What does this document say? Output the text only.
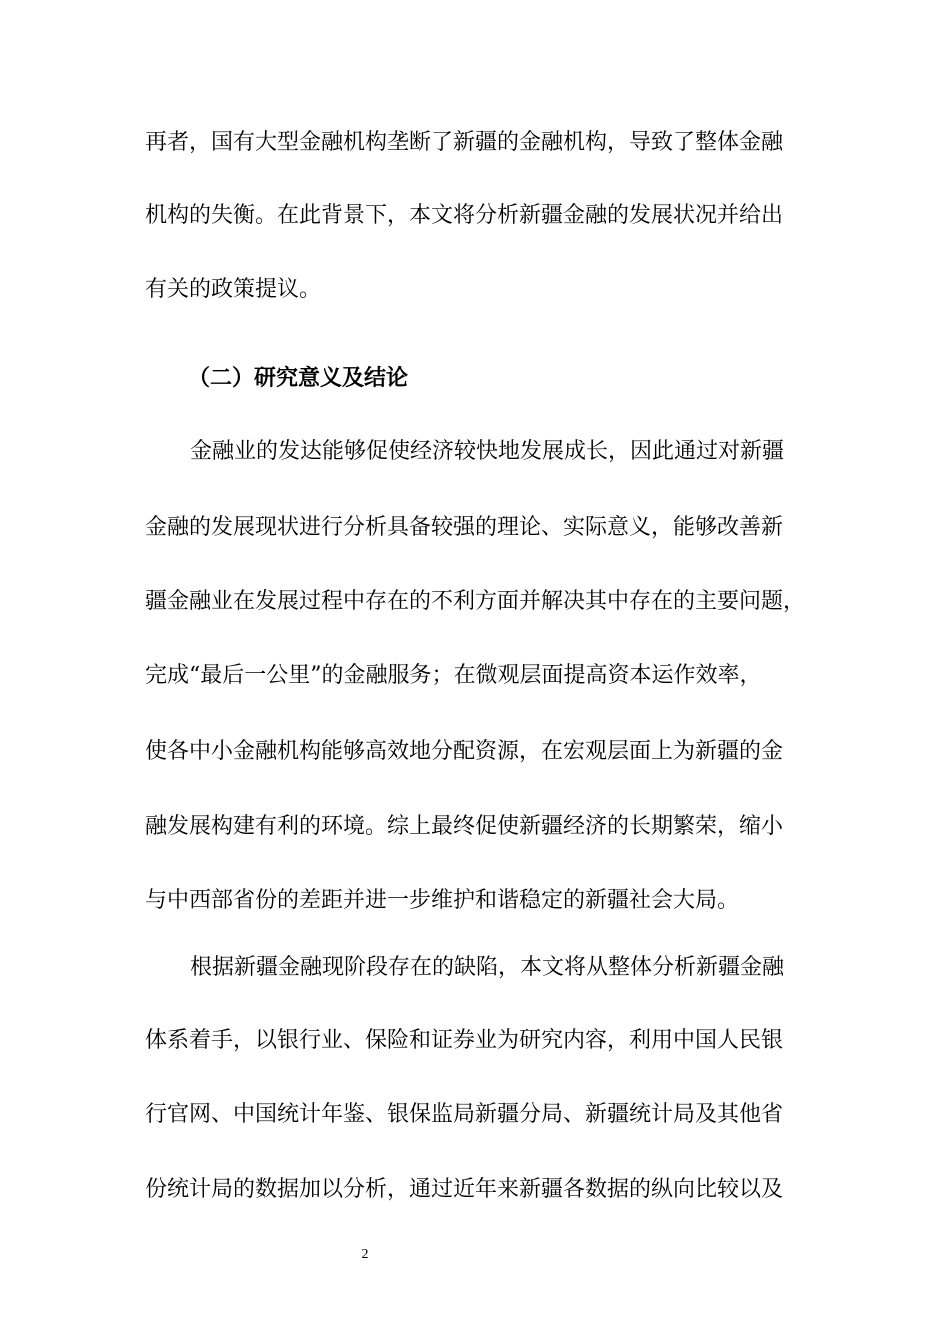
再者，国有大型金融机构垄断了新疆的金融机构，导致了整体金融
机构的失衡。在此背景下，本文将分析新疆金融的发展状况并给出
有关的政策提议。
（二）研究意义及结论
金融业的发达能够促使经济较快地发展成长，因此通过对新疆
金融的发展现状进行分析具备较强的理论、实际意义，能够改善新
疆金融业在发展过程中存在的不利方面并解决其中存在的主要问题，
完成“最后一公里”的金融服务；在微观层面提高资本运作效率，
使各中小金融机构能够高效地分配资源，在宏观层面上为新疆的金
融发展构建有利的环境。综上最终促使新疆经济的长期繁荣，缩小
与中西部省份的差距并进一步维护和谐稳定的新疆社会大局。
根据新疆金融现阶段存在的缺陷，本文将从整体分析新疆金融
体系着手，以银行业、保险和证券业为研究内容，利用中国人民银
行官网、中国统计年鉴、银保监局新疆分局、新疆统计局及其他省
份统计局的数据加以分析，通过近年来新疆各数据的纵向比较以及
2
